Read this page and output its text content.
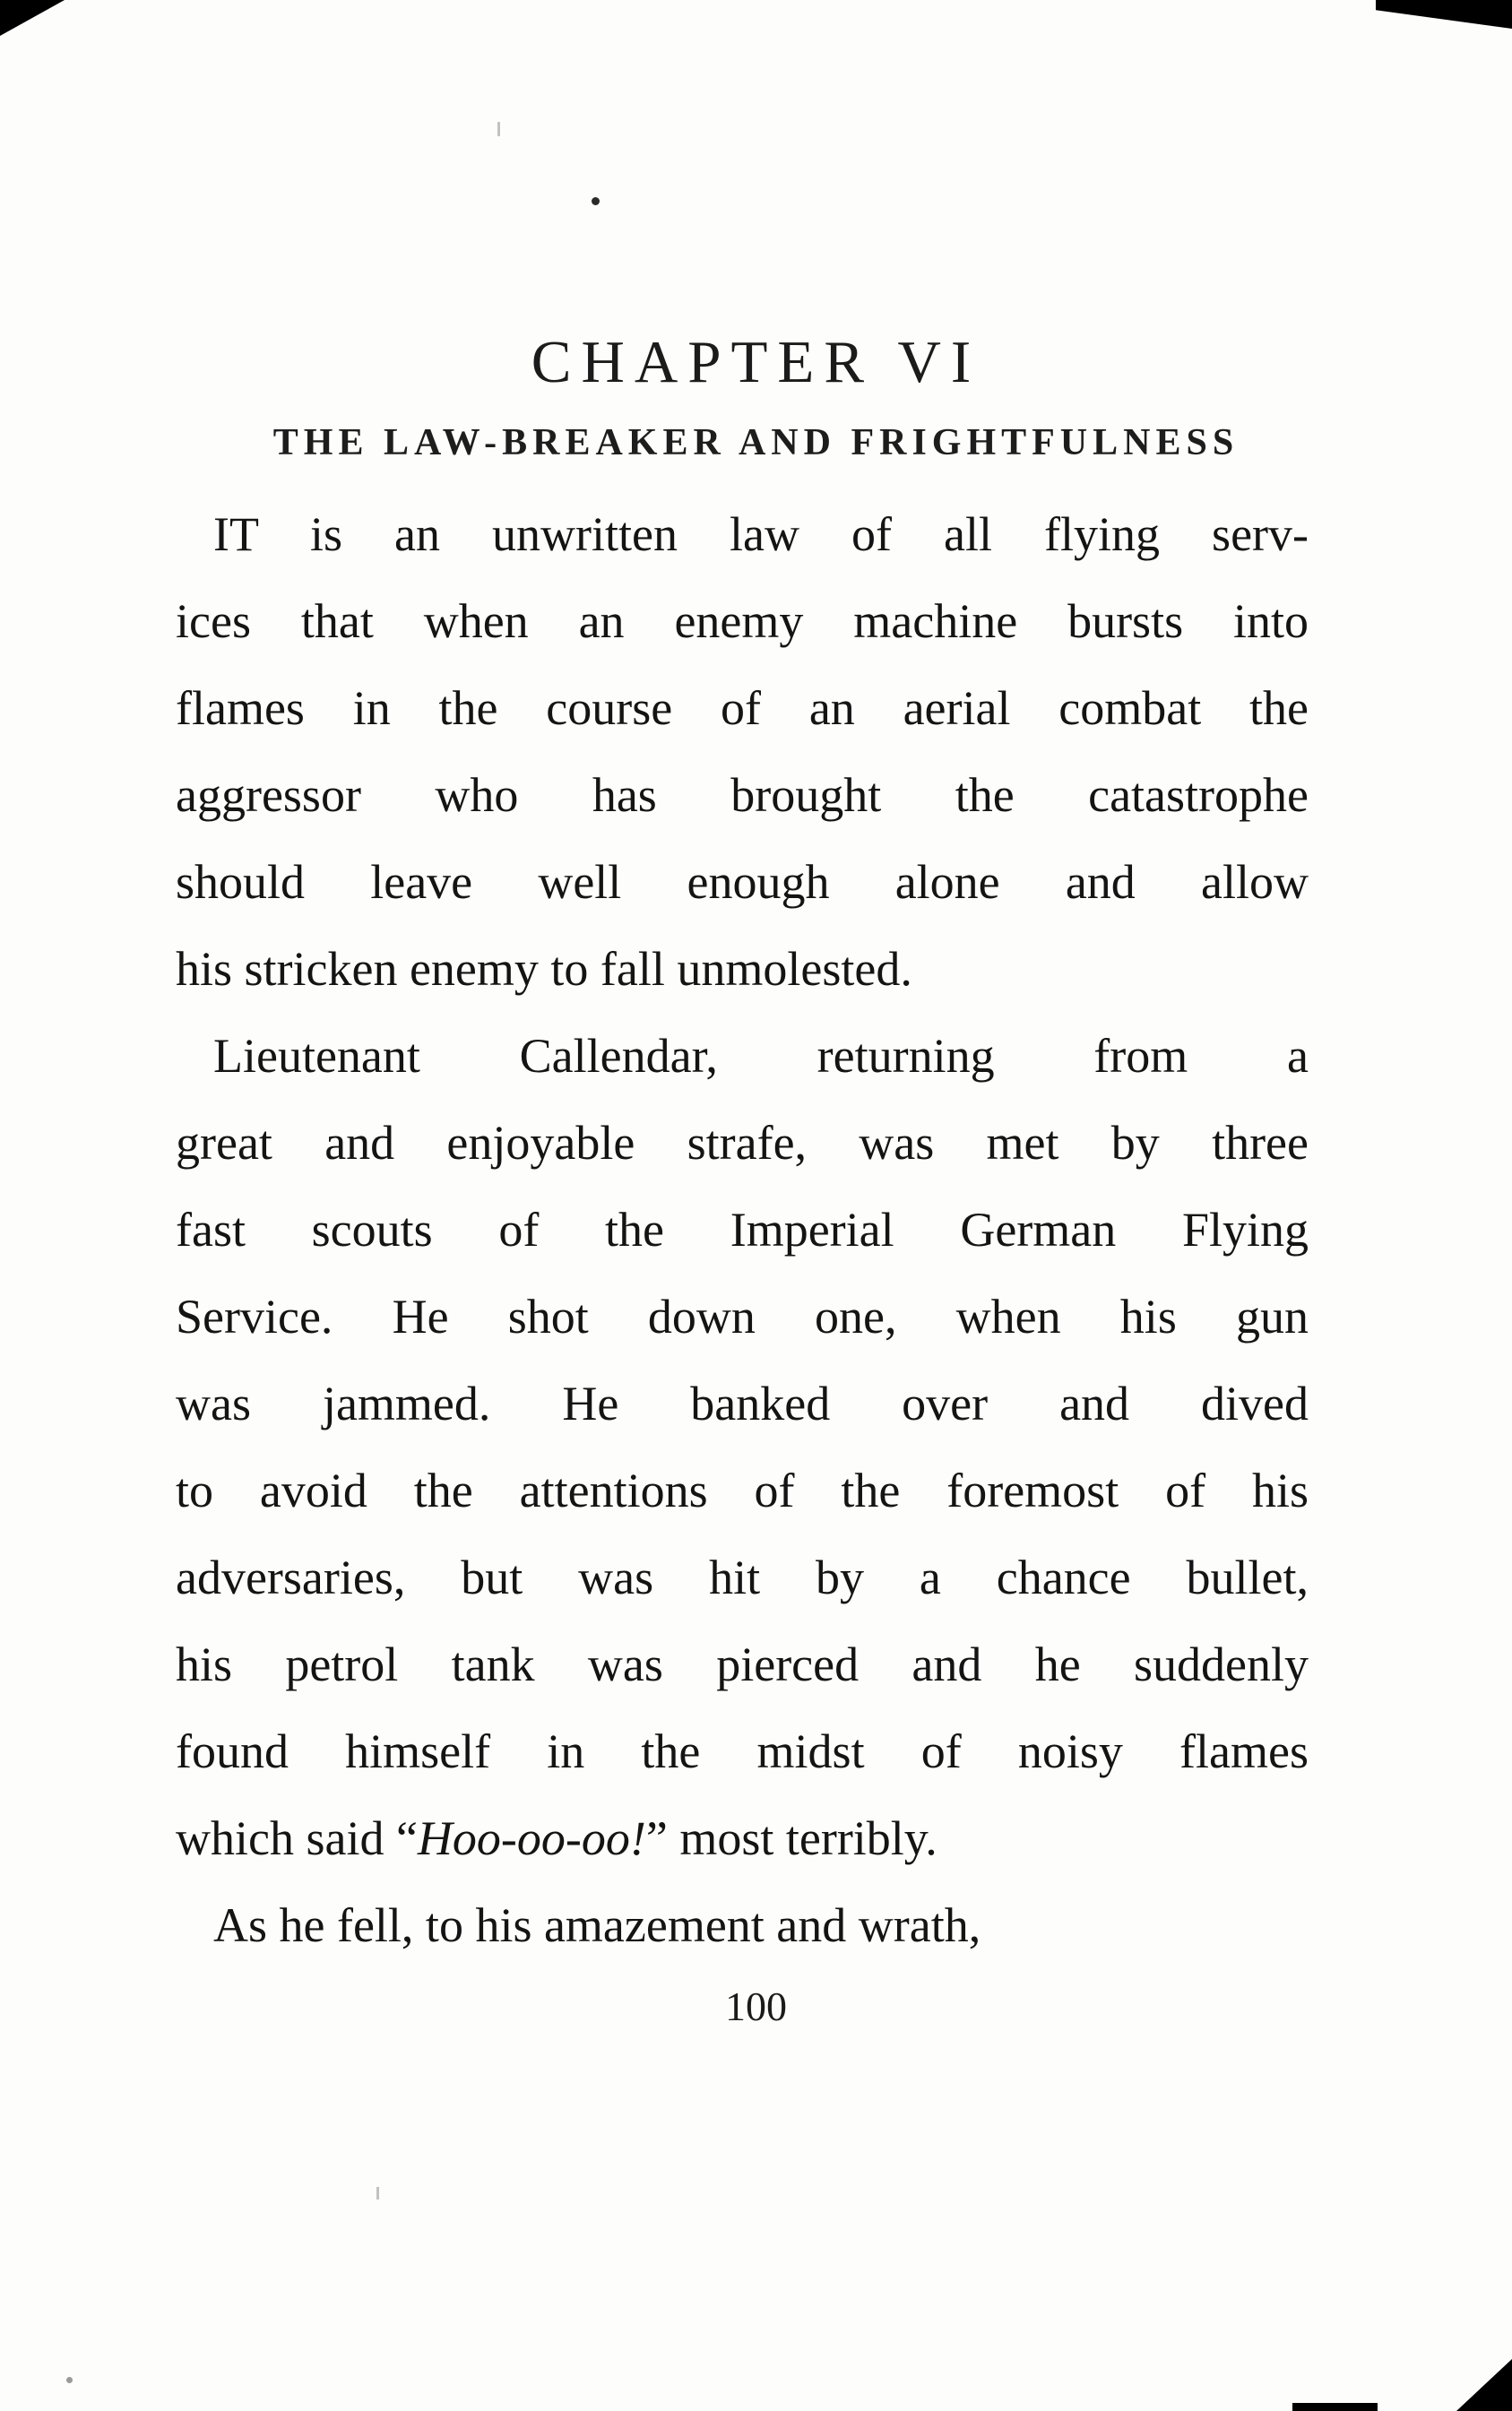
CHAPTER VI
THE LAW-BREAKER AND FRIGHTFULNESS
IT is an unwritten law of all flying serv-
ices that when an enemy machine bursts into
flames in the course of an aerial combat the
aggressor who has brought the catastrophe
should leave well enough alone and allow
his stricken enemy to fall unmolested.
Lieutenant Callendar, returning from a
great and enjoyable strafe, was met by three
fast scouts of the Imperial German Flying
Service. He shot down one, when his gun
was jammed. He banked over and dived
to avoid the attentions of the foremost of his
adversaries, but was hit by a chance bullet,
his petrol tank was pierced and he suddenly
found himself in the midst of noisy flames
which said “Hoo-oo-oo!” most terribly.
As he fell, to his amazement and wrath,
100
